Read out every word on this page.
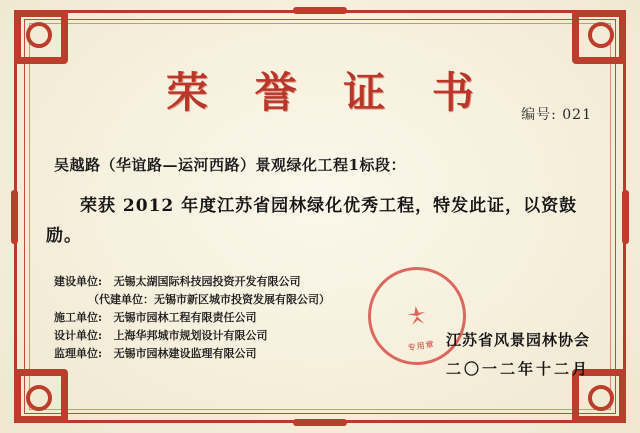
荣 誉 证 书	编号: 021
吴越路（华谊路—运河西路）景观绿化工程1标段：
荣获 2012 年度江苏省园林绿化优秀工程，特发此证，以资鼓励。
建设单位: 无锡太湖国际科技园投资开发有限公司
（代建单位：无锡市新区城市投资发展有限公司）
施工单位: 无锡市园林工程有限责任公司
设计单位: 上海华邦城市规划设计有限公司
监理单位: 无锡市园林建设监理有限公司
专用章 江苏省风景园林协会
二〇一二年十二月
